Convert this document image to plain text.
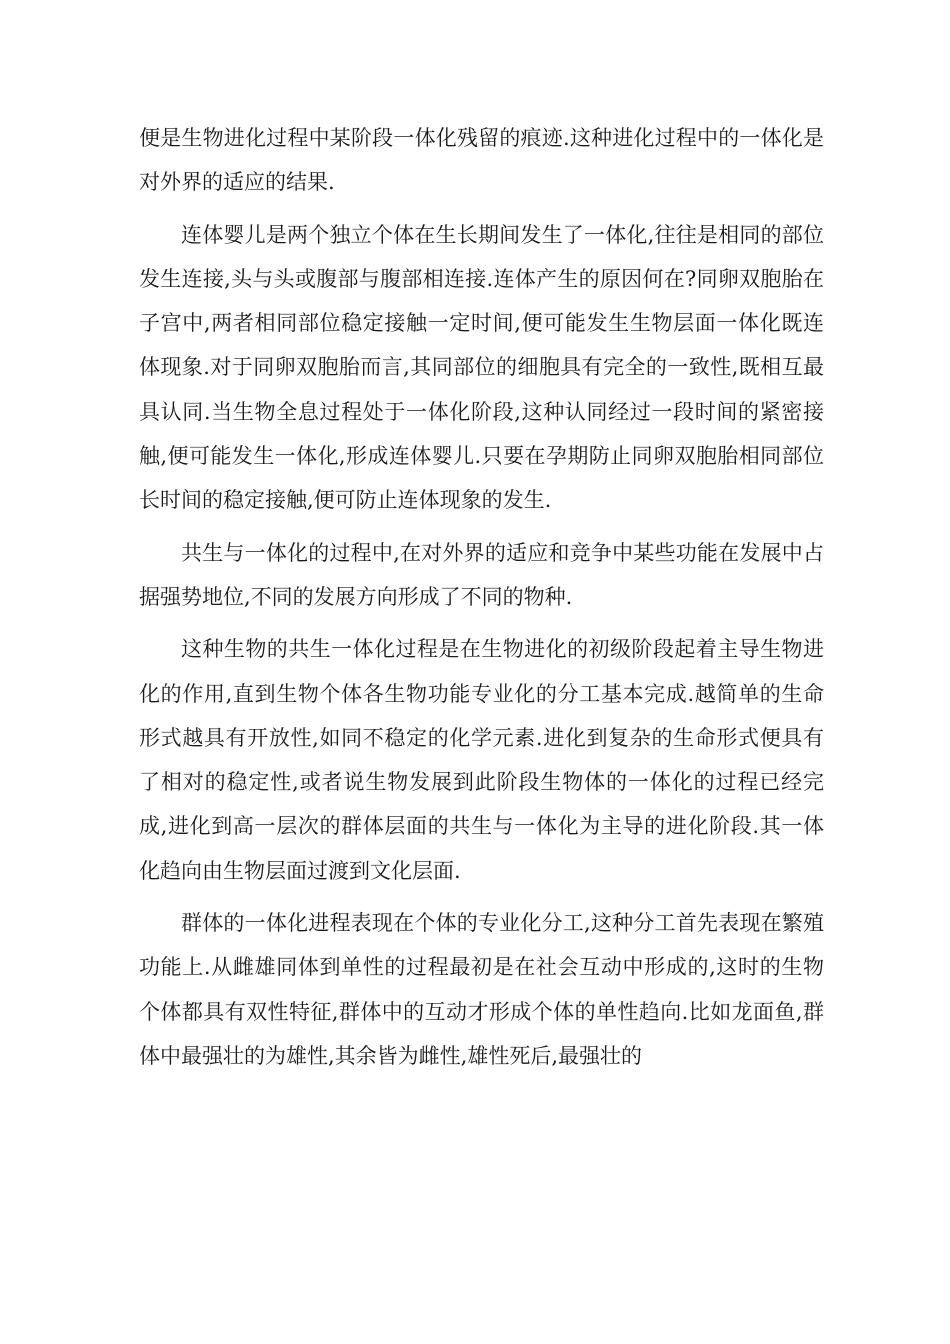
便是生物进化过程中某阶段一体化残留的痕迹.这种进化过程中的一体化是对外界的适应的结果.

连体婴儿是两个独立个体在生长期间发生了一体化,往往是相同的部位发生连接,头与头或腹部与腹部相连接.连体产生的原因何在?同卵双胞胎在子宫中,两者相同部位稳定接触一定时间,便可能发生生物层面一体化既连体现象.对于同卵双胞胎而言,其同部位的细胞具有完全的一致性,既相互最具认同.当生物全息过程处于一体化阶段,这种认同经过一段时间的紧密接触,便可能发生一体化,形成连体婴儿.只要在孕期防止同卵双胞胎相同部位长时间的稳定接触,便可防止连体现象的发生.

共生与一体化的过程中,在对外界的适应和竞争中某些功能在发展中占据强势地位,不同的发展方向形成了不同的物种.

这种生物的共生一体化过程是在生物进化的初级阶段起着主导生物进化的作用,直到生物个体各生物功能专业化的分工基本完成.越简单的生命形式越具有开放性,如同不稳定的化学元素.进化到复杂的生命形式便具有了相对的稳定性,或者说生物发展到此阶段生物体的一体化的过程已经完成,进化到高一层次的群体层面的共生与一体化为主导的进化阶段.其一体化趋向由生物层面过渡到文化层面.

群体的一体化进程表现在个体的专业化分工,这种分工首先表现在繁殖功能上.从雌雄同体到单性的过程最初是在社会互动中形成的,这时的生物个体都具有双性特征,群体中的互动才形成个体的单性趋向.比如龙面鱼,群体中最强壮的为雄性,其余皆为雌性,雄性死后,最强壮的
